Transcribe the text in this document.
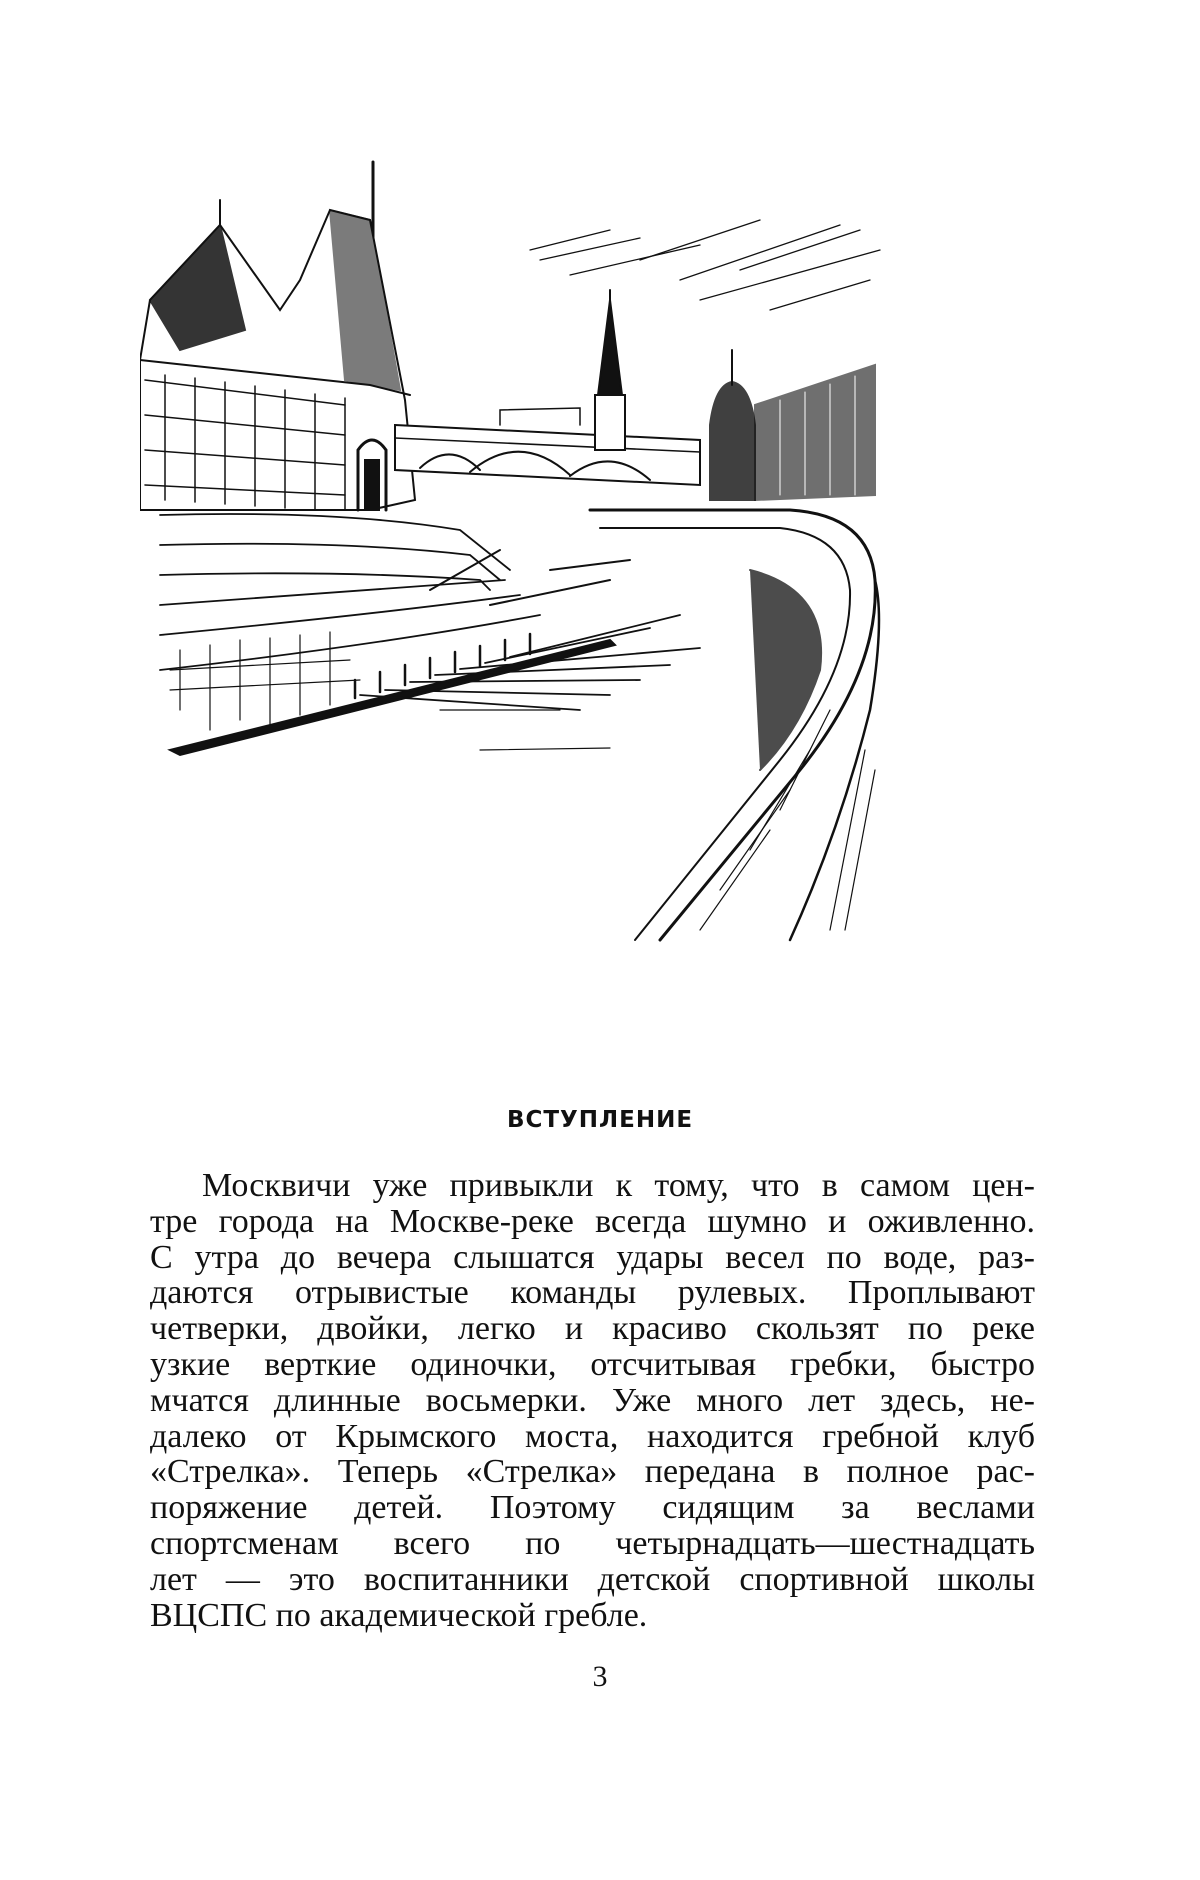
ВСТУПЛЕНИЕ
Москвичи уже привыкли к тому, что в самом цен-
тре города на Москве-реке всегда шумно и оживленно.
С утра до вечера слышатся удары весел по воде, раз-
даются отрывистые команды рулевых. Проплывают
четверки, двойки, легко и красиво скользят по реке
узкие верткие одиночки, отсчитывая гребки, быстро
мчатся длинные восьмерки. Уже много лет здесь, не-
далеко от Крымского моста, находится гребной клуб
«Стрелка». Теперь «Стрелка» передана в полное рас-
поряжение детей. Поэтому сидящим за веслами
спортсменам всего по четырнадцать—шестнадцать
лет — это воспитанники детской спортивной школы
ВЦСПС по академической гребле.
3
